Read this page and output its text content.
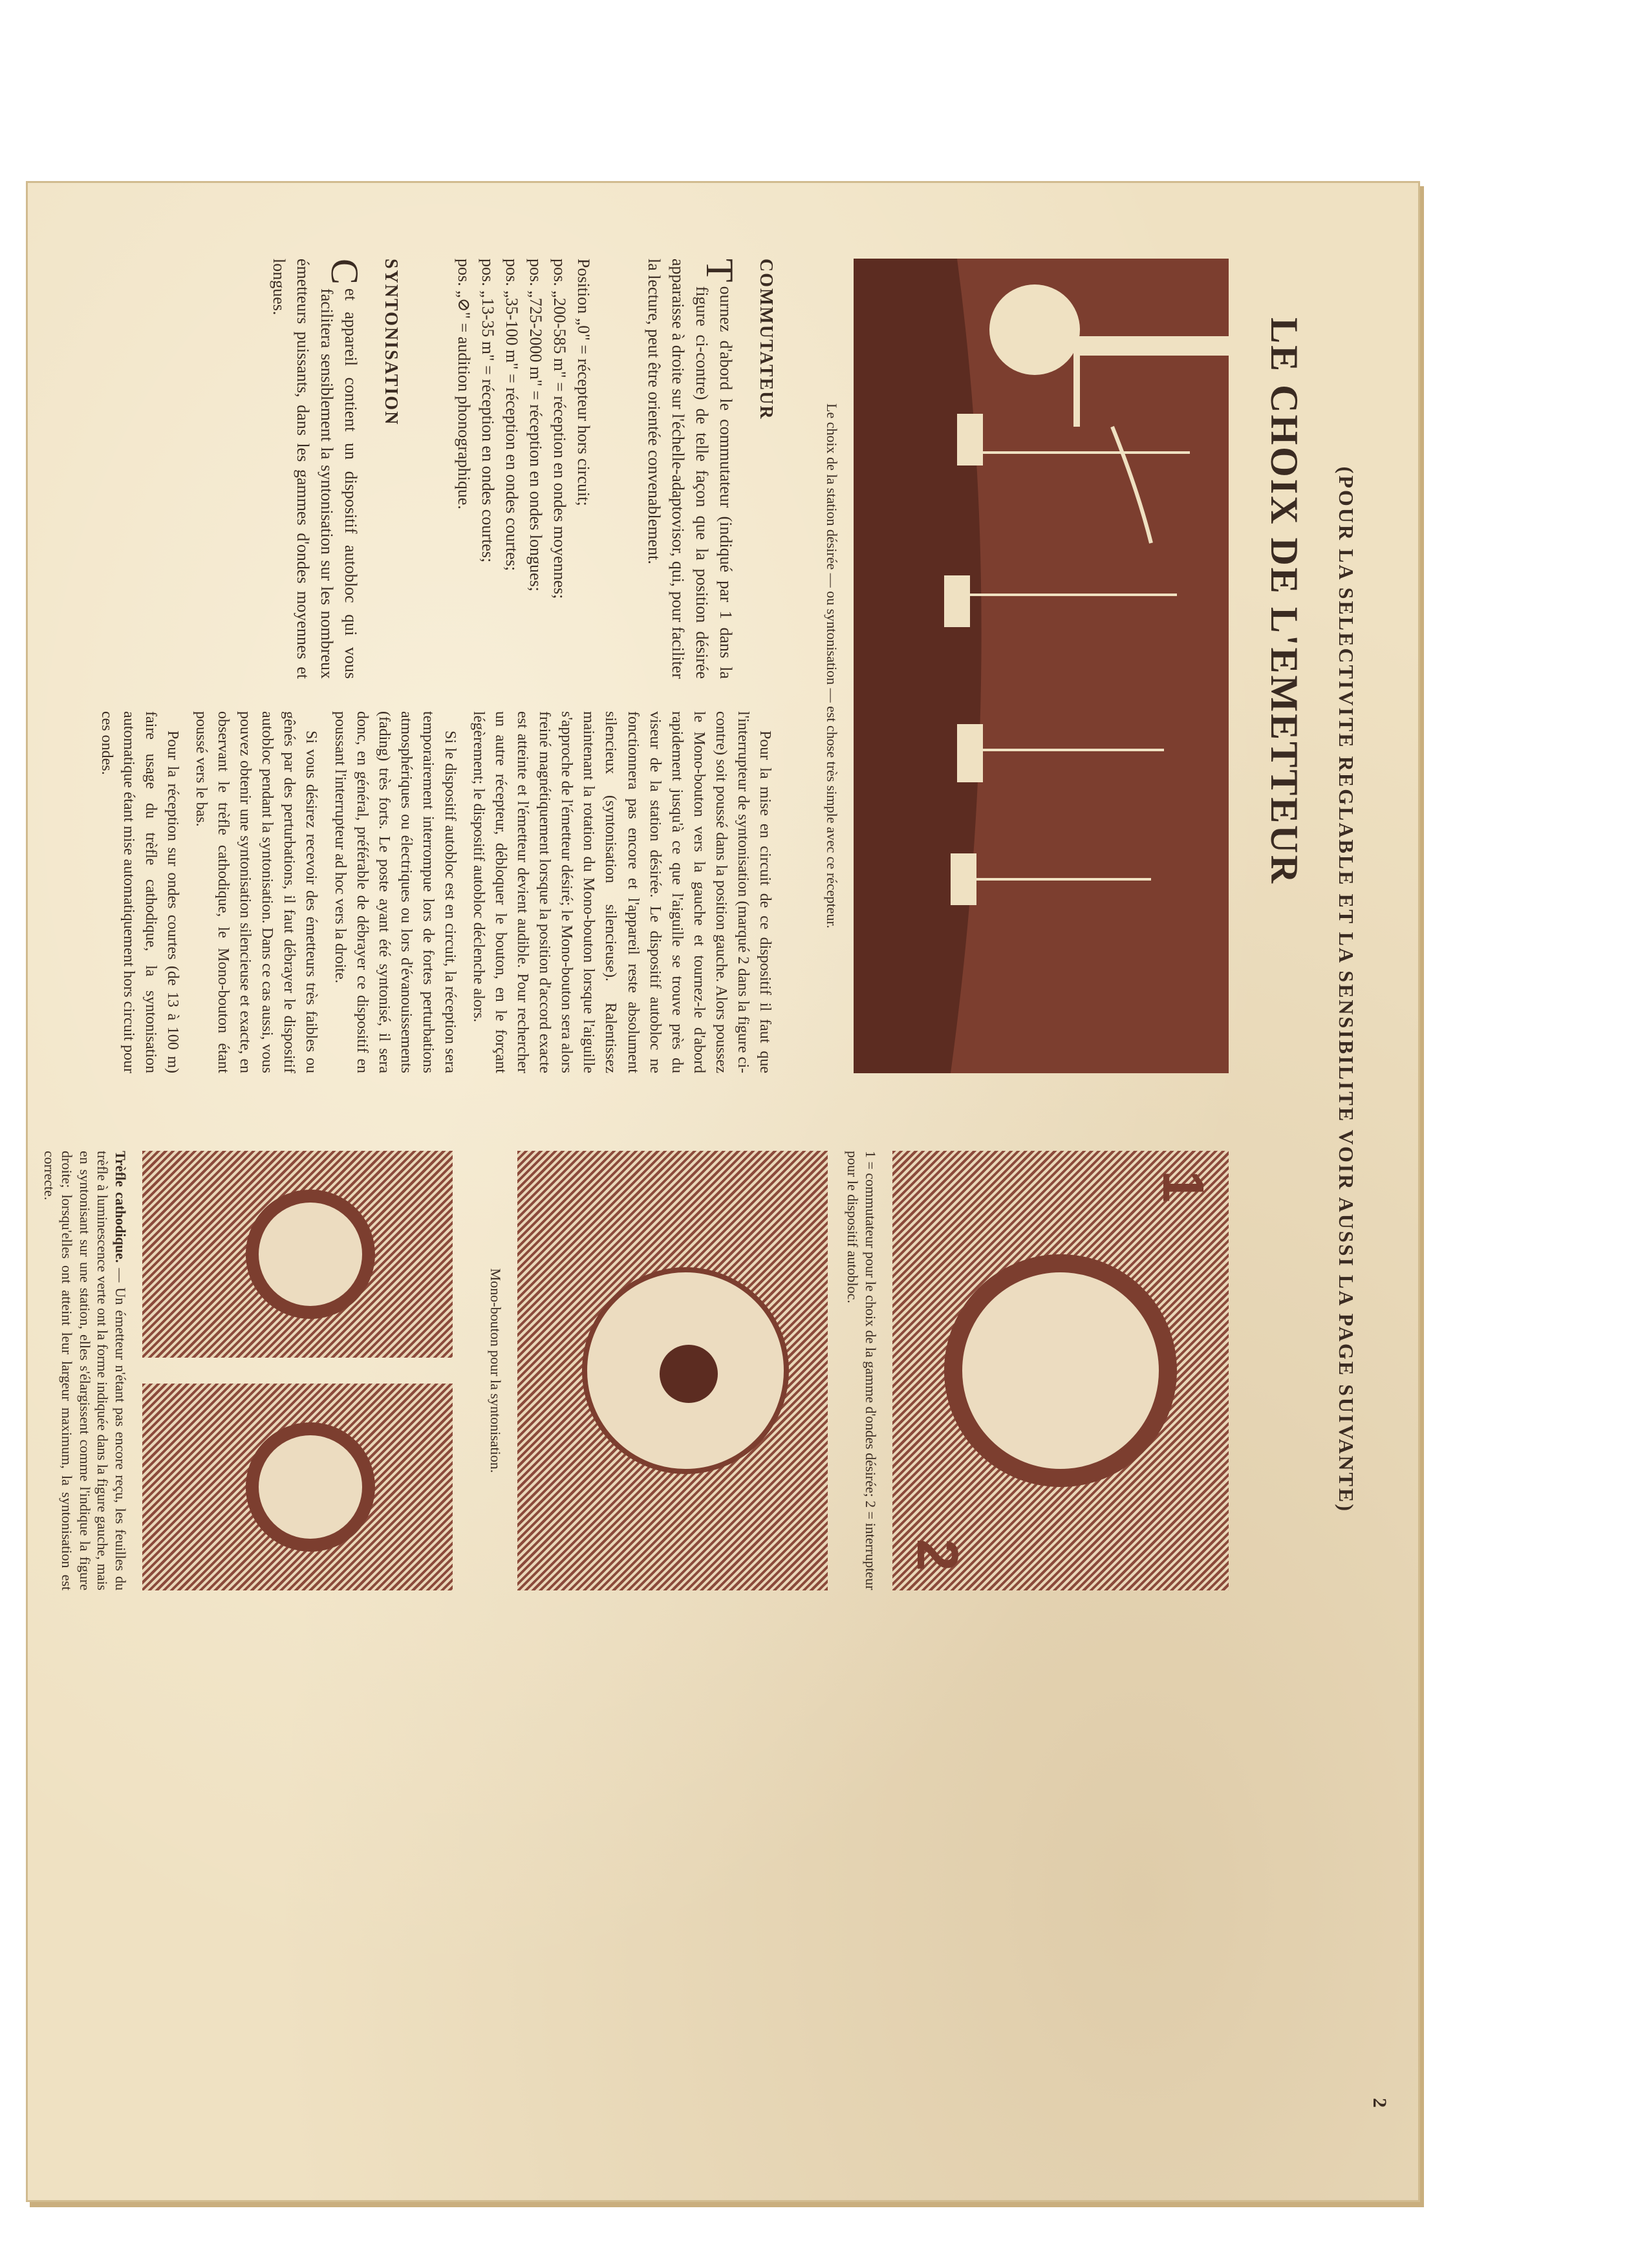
2
LE CHOIX DE L'EMETTEUR (POUR LA SELECTIVITE REGLABLE ET LA SENSIBILITE VOIR AUSSI LA PAGE SUIVANTE)
Le choix de la station désirée — ou syntonisation — est chose très simple avec ce récepteur.
COMMUTATEUR
T
ournez d'abord le commutateur (indiqué par 1 dans la figure ci-contre) de telle façon que la position désirée apparaisse à droite sur l'échelle-adaptovisor, qui, pour faciliter la lecture, peut être orientée convenablement.
Position „0" = récepteur hors circuit;
pos. „200-585 m" = réception en ondes moyennes;
pos. „725-2000 m" = réception en ondes longues;
pos. „35-100 m" = réception en ondes courtes;
pos. „13-35 m" = réception en ondes courtes;
pos. „⊘" = audition phonographique.
SYNTONISATION
C
et appareil contient un dispositif autobloc qui vous facilitera sensiblement la syntonisation sur les nombreux émetteurs puissants, dans les gammes d'ondes moyennes et longues.

Pour la mise en circuit de ce dispositif il faut que l'interrupteur de syntonisation (marqué 2 dans la figure ci-contre) soit poussé dans la position gauche. Alors poussez le Mono-bouton vers la gauche et tournez-le d'abord rapidement jusqu'à ce que l'aiguille se trouve près du viseur de la station désirée. Le dispositif autobloc ne fonctionnera pas encore et l'appareil reste absolument silencieux (syntonisation silencieuse). Ralentissez maintenant la rotation du Mono-bouton lorsque l'aiguille s'approche de l'émetteur désiré; le Mono-bouton sera alors freiné magnétiquement lorsque la position d'accord exacte est atteinte et l'émetteur devient audible. Pour rechercher un autre récepteur, débloquer le bouton, en le forçant légèrement; le dispositif autobloc déclenche alors.

Si le dispositif autobloc est en circuit, la réception sera temporairement interrompue lors de fortes perturbations atmosphériques ou électriques ou lors d'évanouissements (fading) très forts. Le poste ayant été syntonisé, il sera donc, en général, préférable de débrayer ce dispositif en poussant l'interrupteur ad hoc vers la droite.

Si vous désirez recevoir des émetteurs très faibles ou gênés par des perturbations, il faut débrayer le dispositif autobloc pendant la syntonisation. Dans ce cas aussi, vous pouvez obtenir une syntonisation silencieuse et exacte, en observant le trèfle cathodique, le Mono-bouton étant poussé vers le bas.

Pour la réception sur ondes courtes (de 13 à 100 m) faire usage du trèfle cathodique, la syntonisation automatique étant mise automatiquement hors circuit pour ces ondes.

1
2
1 = commutateur pour le choix de la gamme d'ondes désirée; 2 = interrupteur pour le dispositif autobloc.
Mono-bouton pour la syntonisation.
Trèfle cathodique. — Un émetteur n'étant pas encore reçu, les feuilles du trèfle à luminescence verte ont la forme indiquée dans la figure gauche, mais en syntonisant sur une station, elles s'élargissent comme l'indique la figure droite; lorsqu'elles ont atteint leur largeur maximum, la syntonisation est correcte.
